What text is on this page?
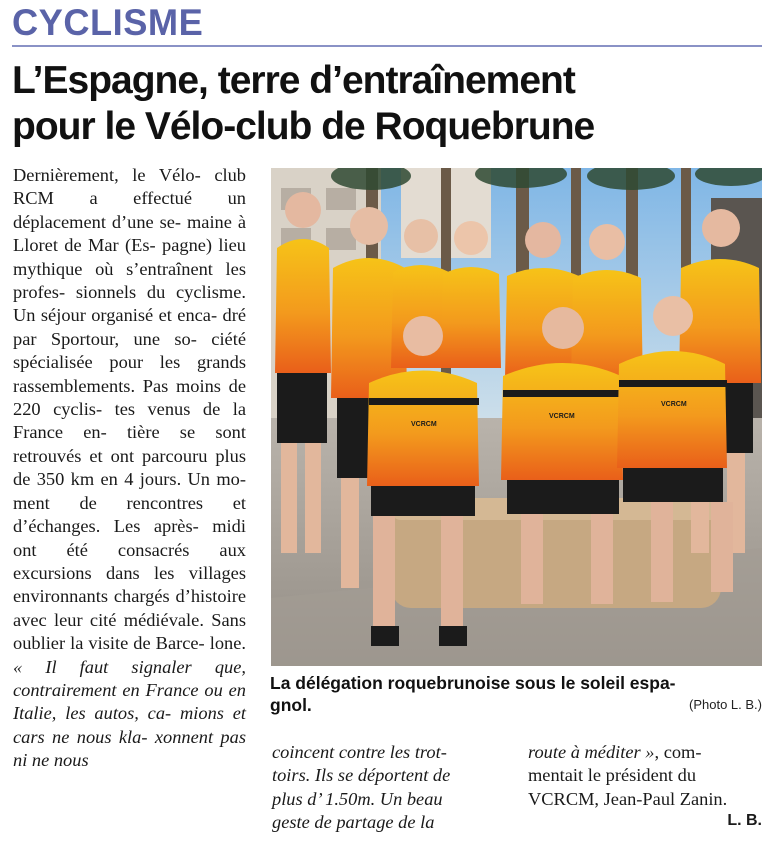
CYCLISME
L’Espagne, terre d’entraînement
pour le Vélo-club de Roquebrune

Dernièrement, le Vélo- club RCM a effectué un déplacement d’une se- maine à Lloret de Mar (Es- pagne) lieu mythique où s’entraînent les profes- sionnels du cyclisme. Un séjour organisé et enca- dré par Sportour, une so- ciété spécialisée pour les grands rassemblements. Pas moins de 220 cyclis- tes venus de la France en- tière se sont retrouvés et ont parcouru plus de 350 km en 4 jours. Un mo- ment de rencontres et d’échanges. Les après- midi ont été consacrés aux excursions dans les villages environnants chargés d’histoire avec leur cité médiévale. Sans oublier la visite de Barce- lone. « Il faut signaler que, contrairement en France ou en Italie, les autos, ca- mions et cars ne nous kla- xonnent pas ni ne nous

VCRCM
VCRCM
VCRCM
La délégation roquebrunoise sous le soleil espa-
gnol.	(Photo L. B.)
coincent contre les trot-
toirs. Ils se déportent de
plus d’ 1.50m. Un beau
geste de partage de la
route à méditer », com-
mentait le président du
VCRCM, Jean-Paul Zanin.
L. B.
